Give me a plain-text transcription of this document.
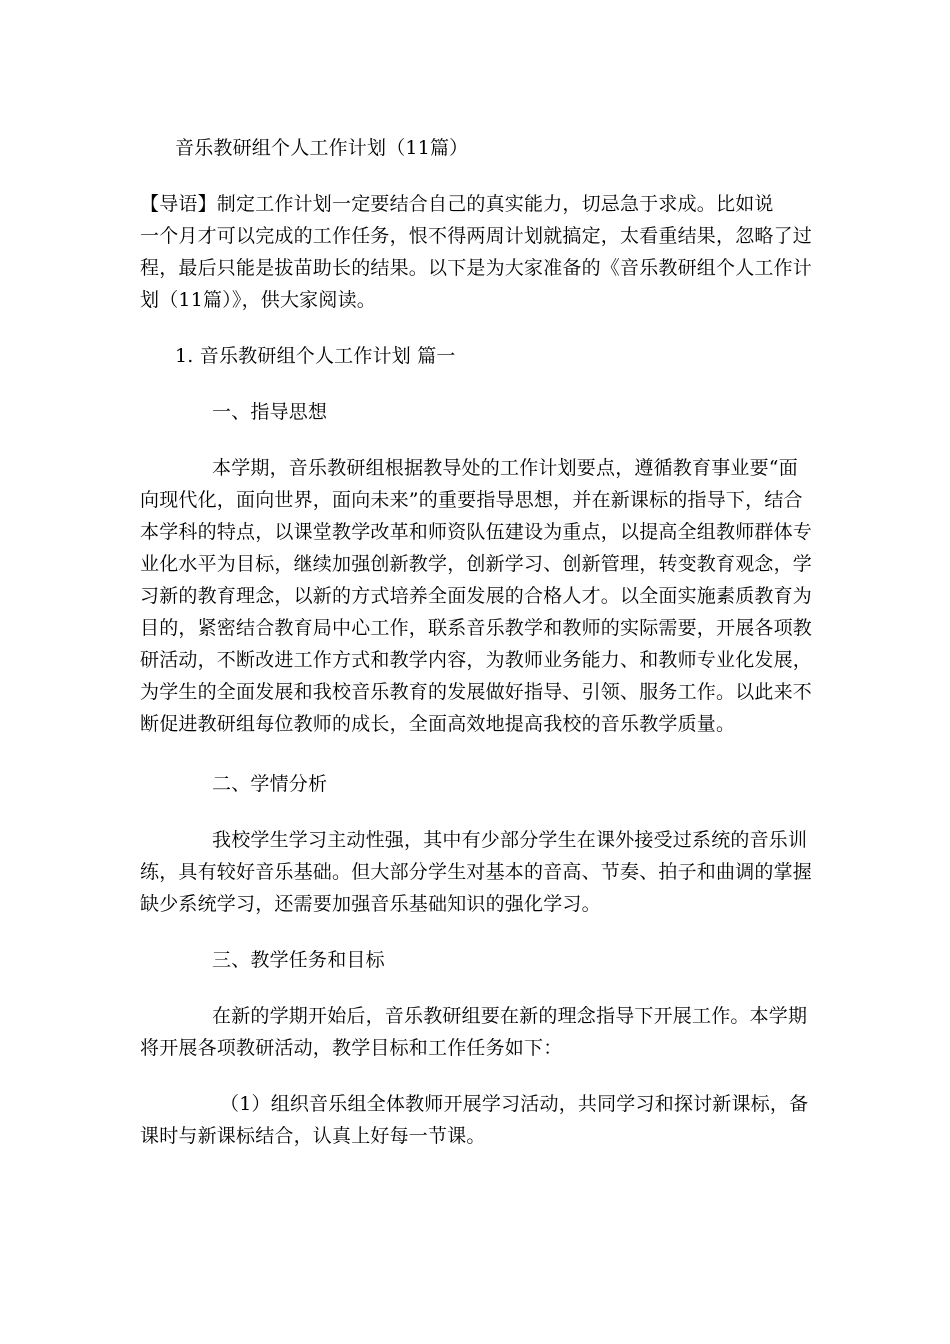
音乐教研组个人工作计划（11篇）
【导语】制定工作计划一定要结合自己的真实能力，切忌急于求成。比如说
一个月才可以完成的工作任务，恨不得两周计划就搞定，太看重结果，忽略了过
程，最后只能是拔苗助长的结果。以下是为大家准备的《音乐教研组个人工作计
划（11篇）》，供大家阅读。
1. 音乐教研组个人工作计划 篇一
一、指导思想
本学期，音乐教研组根据教导处的工作计划要点，遵循教育事业要“面
向现代化，面向世界，面向未来”的重要指导思想，并在新课标的指导下，结合
本学科的特点，以课堂教学改革和师资队伍建设为重点，以提高全组教师群体专
业化水平为目标，继续加强创新教学，创新学习、创新管理，转变教育观念，学
习新的教育理念，以新的方式培养全面发展的合格人才。以全面实施素质教育为
目的，紧密结合教育局中心工作，联系音乐教学和教师的实际需要，开展各项教
研活动，不断改进工作方式和教学内容，为教师业务能力、和教师专业化发展，
为学生的全面发展和我校音乐教育的发展做好指导、引领、服务工作。以此来不
断促进教研组每位教师的成长，全面高效地提高我校的音乐教学质量。
二、学情分析
我校学生学习主动性强，其中有少部分学生在课外接受过系统的音乐训
练，具有较好音乐基础。但大部分学生对基本的音高、节奏、拍子和曲调的掌握
缺少系统学习，还需要加强音乐基础知识的强化学习。
三、教学任务和目标
在新的学期开始后，音乐教研组要在新的理念指导下开展工作。本学期
将开展各项教研活动，教学目标和工作任务如下：
（1）组织音乐组全体教师开展学习活动，共同学习和探讨新课标，备
课时与新课标结合，认真上好每一节课。
